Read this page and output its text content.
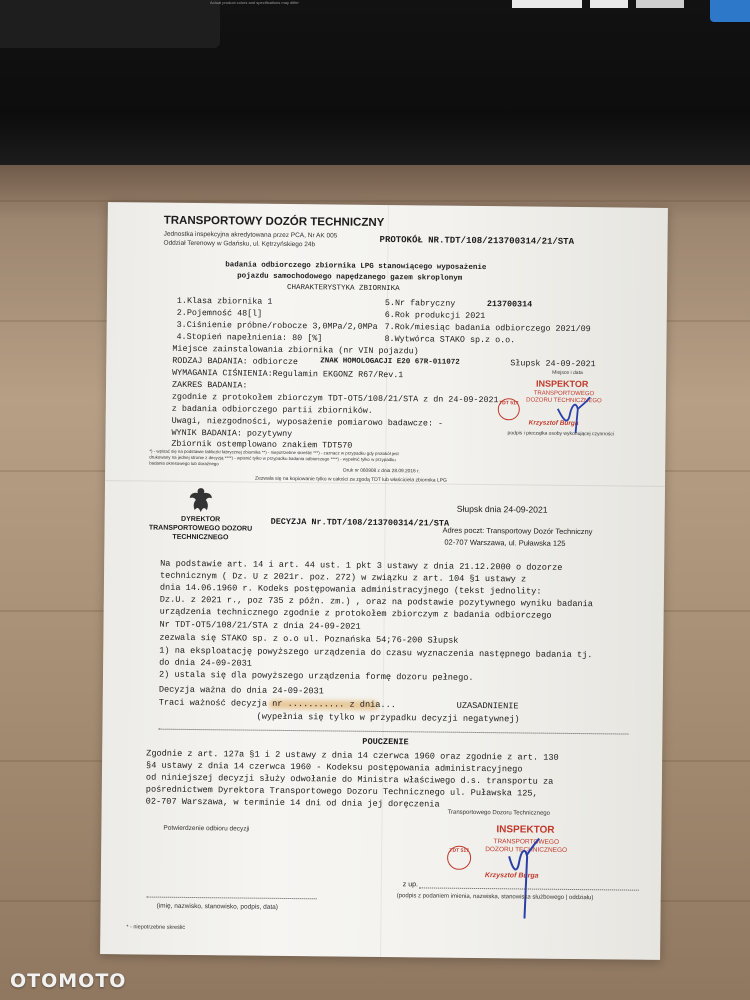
Actual product colors and specifications may differ
TRANSPORTOWY DOZÓR TECHNICZNY
Jednostka inspekcyjna akredytowana przez PCA, Nr AK 005
Oddział Terenowy w Gdańsku, ul. Kętrzyńskiego 24b	PROTOKÓŁ NR.TDT/108/213700314/21/STA
badania odbiorczego zbiornika LPG stanowiącego wyposażenie
pojazdu samochodowego napędzanego gazem skroplonym
CHARAKTERYSTYKA ZBIORNIKA
1.Klasa zbiornika 1
2.Pojemność 48[l]
3.Ciśnienie próbne/robocze 3,0MPa/2,0MPa
4.Stopień napełnienia: 80 [%]
5.Nr fabryczny	213700314
6.Rok produkcji 2021
7.Rok/miesiąc badania odbiorczego 2021/09
8.Wytwórca STAKO sp.z o.o.
Miejsce zainstalowania zbiornika (nr VIN pojazdu)
RODZAJ BADANIA: odbiorcze	ZNAK HOMOLOGACJI E20 67R-011072	Słupsk 24-09-2021
Miejsce i data
WYMAGANIA CIŚNIENIA:Regulamin EKGONZ R67/Rev.1
ZAKRES BADANIA:
zgodnie z protokołem zbiorczym TDT-OT5/108/21/STA z dn 24-09-2021
z badania odbiorczego partii zbiorników.
Uwagi, niezgodności, wyposażenie pomiarowo badawcze: -
WYNIK BADANIA: pozytywny
Zbiornik ostemplowano znakiem TDT570
*) - wpisać się na podstawie tabliczki fabrycznej zbiornika **) - niepotrzebne skreślić ***) - zaznacz w przypadku gdy protokół jest
drukowany na jednej stronie z decyzją ****) - wpisnić tylko w przypadku badania odbiorczego ****) - wypełnić tylko w przypadku
badania okresowego lub doraźnego
Druk nr 060908 z dnia 28.09.2016 r.
Zezwala się na kopiowanie tylko w całości za zgodą TDT lub właściciela zbiornika LPG
podpis i pieczątka osoby wykonującej czynności
INSPEKTOR
TRANSPORTOWEGO
DOZORU TECHNICZNEGO
Krzysztof Burga
TDT 517
DYREKTOR
TRANSPORTOWEGO DOZORU
TECHNICZNEGO
Słupsk dnia 24-09-2021
DECYZJA Nr.TDT/108/213700314/21/STA
Adres poczt: Transportowy Dozór Techniczny
02-707 Warszawa, ul. Puławska 125
Na podstawie art. 14 i art. 44 ust. 1 pkt 3 ustawy z dnia 21.12.2000 o dozorze
technicznym ( Dz. U z 2021r. poz. 272) w związku z art. 104 §1 ustawy z
dnia 14.06.1960 r. Kodeks postępowania administracyjnego (tekst jednolity:
Dz.U. z 2021 r., poz 735 z późn. zm.) , oraz na podstawie pozytywnego wyniku badania
urządzenia technicznego zgodnie z protokołem zbiorczym z badania odbiorczego
Nr TDT-OT5/108/21/STA z dnia 24-09-2021
zezwala się STAKO sp. z o.o ul. Poznańska 54;76-200 Słupsk
1) na eksploatację powyższego urządzenia do czasu wyznaczenia następnego badania tj.
do dnia 24-09-2031
2) ustala się dla powyższego urządzenia formę dozoru pełnego.
Decyzja ważna do dnia 24-09-2031
Traci ważność decyzja nr ........... z dnia...	UZASADNIENIE
(wypełnia się tylko w przypadku decyzji negatywnej)
POUCZENIE
Zgodnie z art. 127a §1 i 2 ustawy z dnia 14 czerwca 1960 oraz zgodnie z art. 130
§4 ustawy z dnia 14 czerwca 1960 - Kodeksu postępowania administracyjnego
od niniejszej decyzji służy odwołanie do Ministra właściwego d.s. transportu za
pośrednictwem Dyrektora Transportowego Dozoru Technicznego ul. Puławska 125,
02-707 Warszawa, w terminie 14 dni od dnia jej doręczenia
Transportowego Dozoru Technicznego
Potwierdzenie odbioru decyzji	INSPEKTOR
TRANSPORTOWEGO
DOZORU TECHNICZNEGO
TDT 517
Krzysztof Burga
z up.
(podpis z podaniem imienia, nazwiska, stanowiska służbowego | oddziału)
(imię, nazwisko, stanowisko, podpis, data)
* - niepotrzebne skreślić
OTOMOTO
